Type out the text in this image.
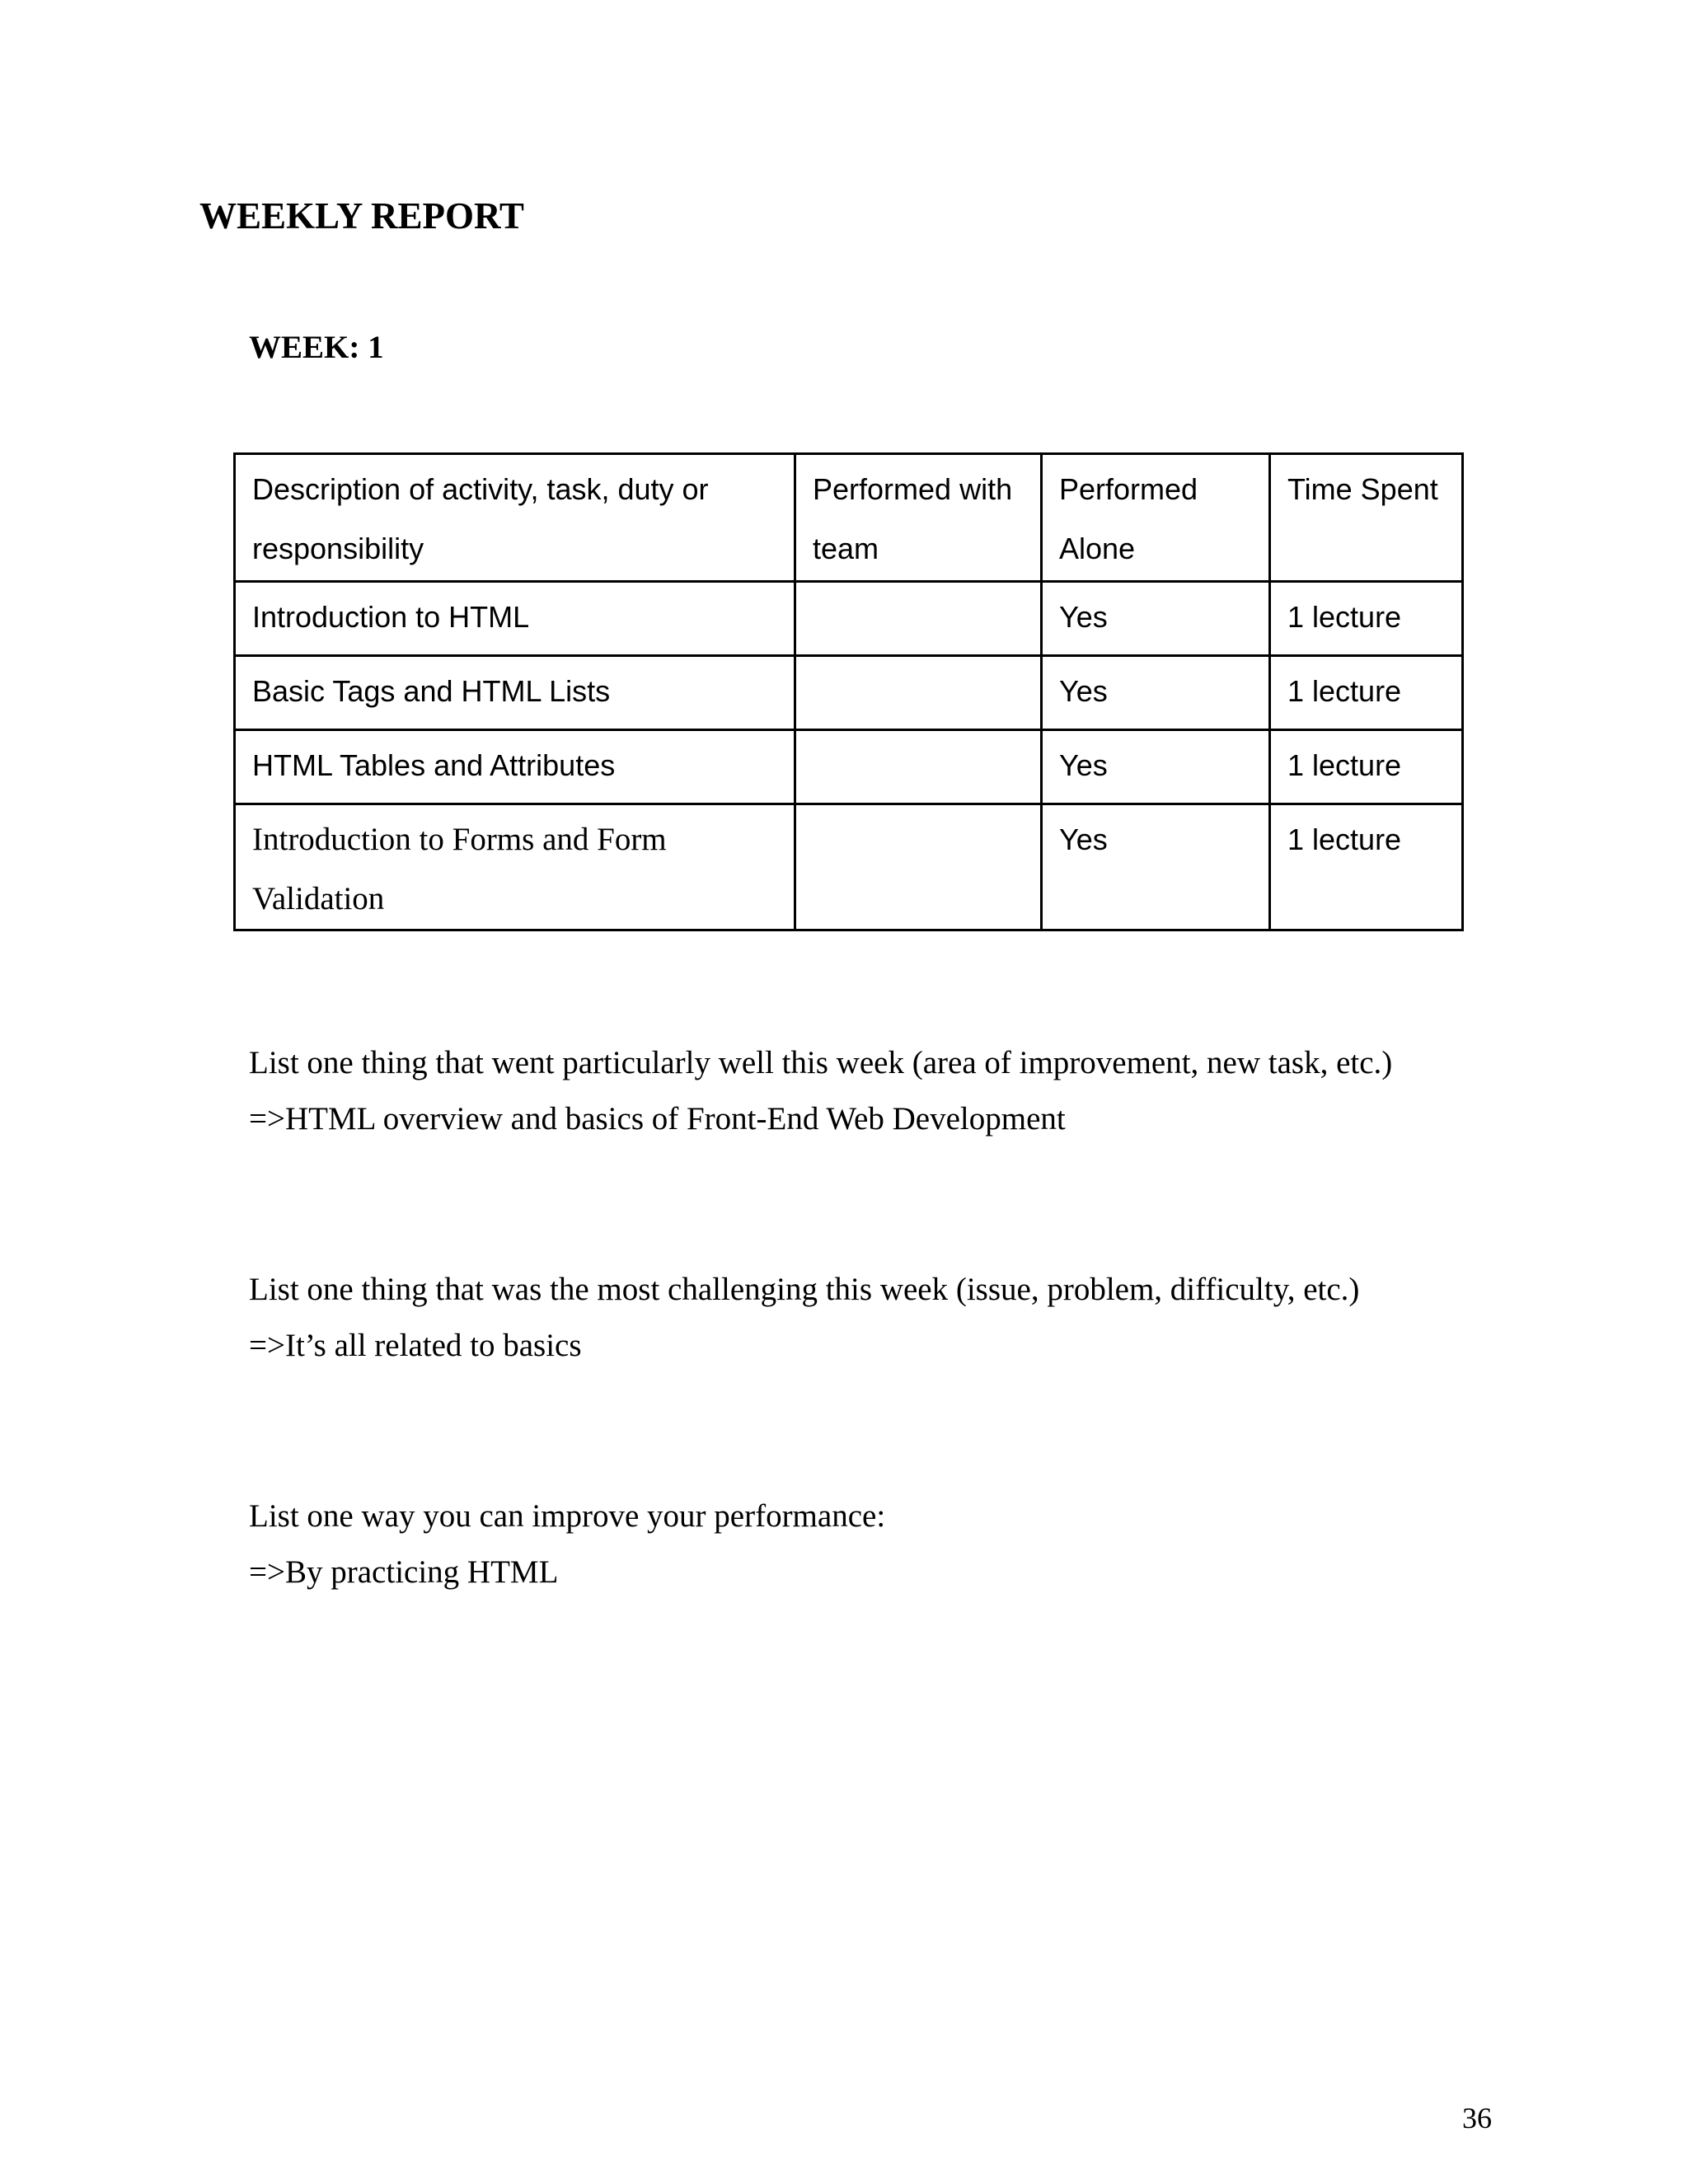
WEEKLY REPORT
WEEK: 1
Description of activity, task, duty or responsibility	Performed with team	Performed Alone	Time Spent
Introduction to HTML		Yes	1 lecture
Basic Tags and HTML Lists		Yes	1 lecture
HTML Tables and Attributes		Yes	1 lecture
Introduction to Forms and Form Validation		Yes	1 lecture

List one thing that went particularly well this week (area of improvement, new task, etc.)

=>HTML overview and basics of Front-End Web Development

List one thing that was the most challenging this week (issue, problem, difficulty, etc.)

=>It’s all related to basics

List one way you can improve your performance:

=>By practicing HTML

36
